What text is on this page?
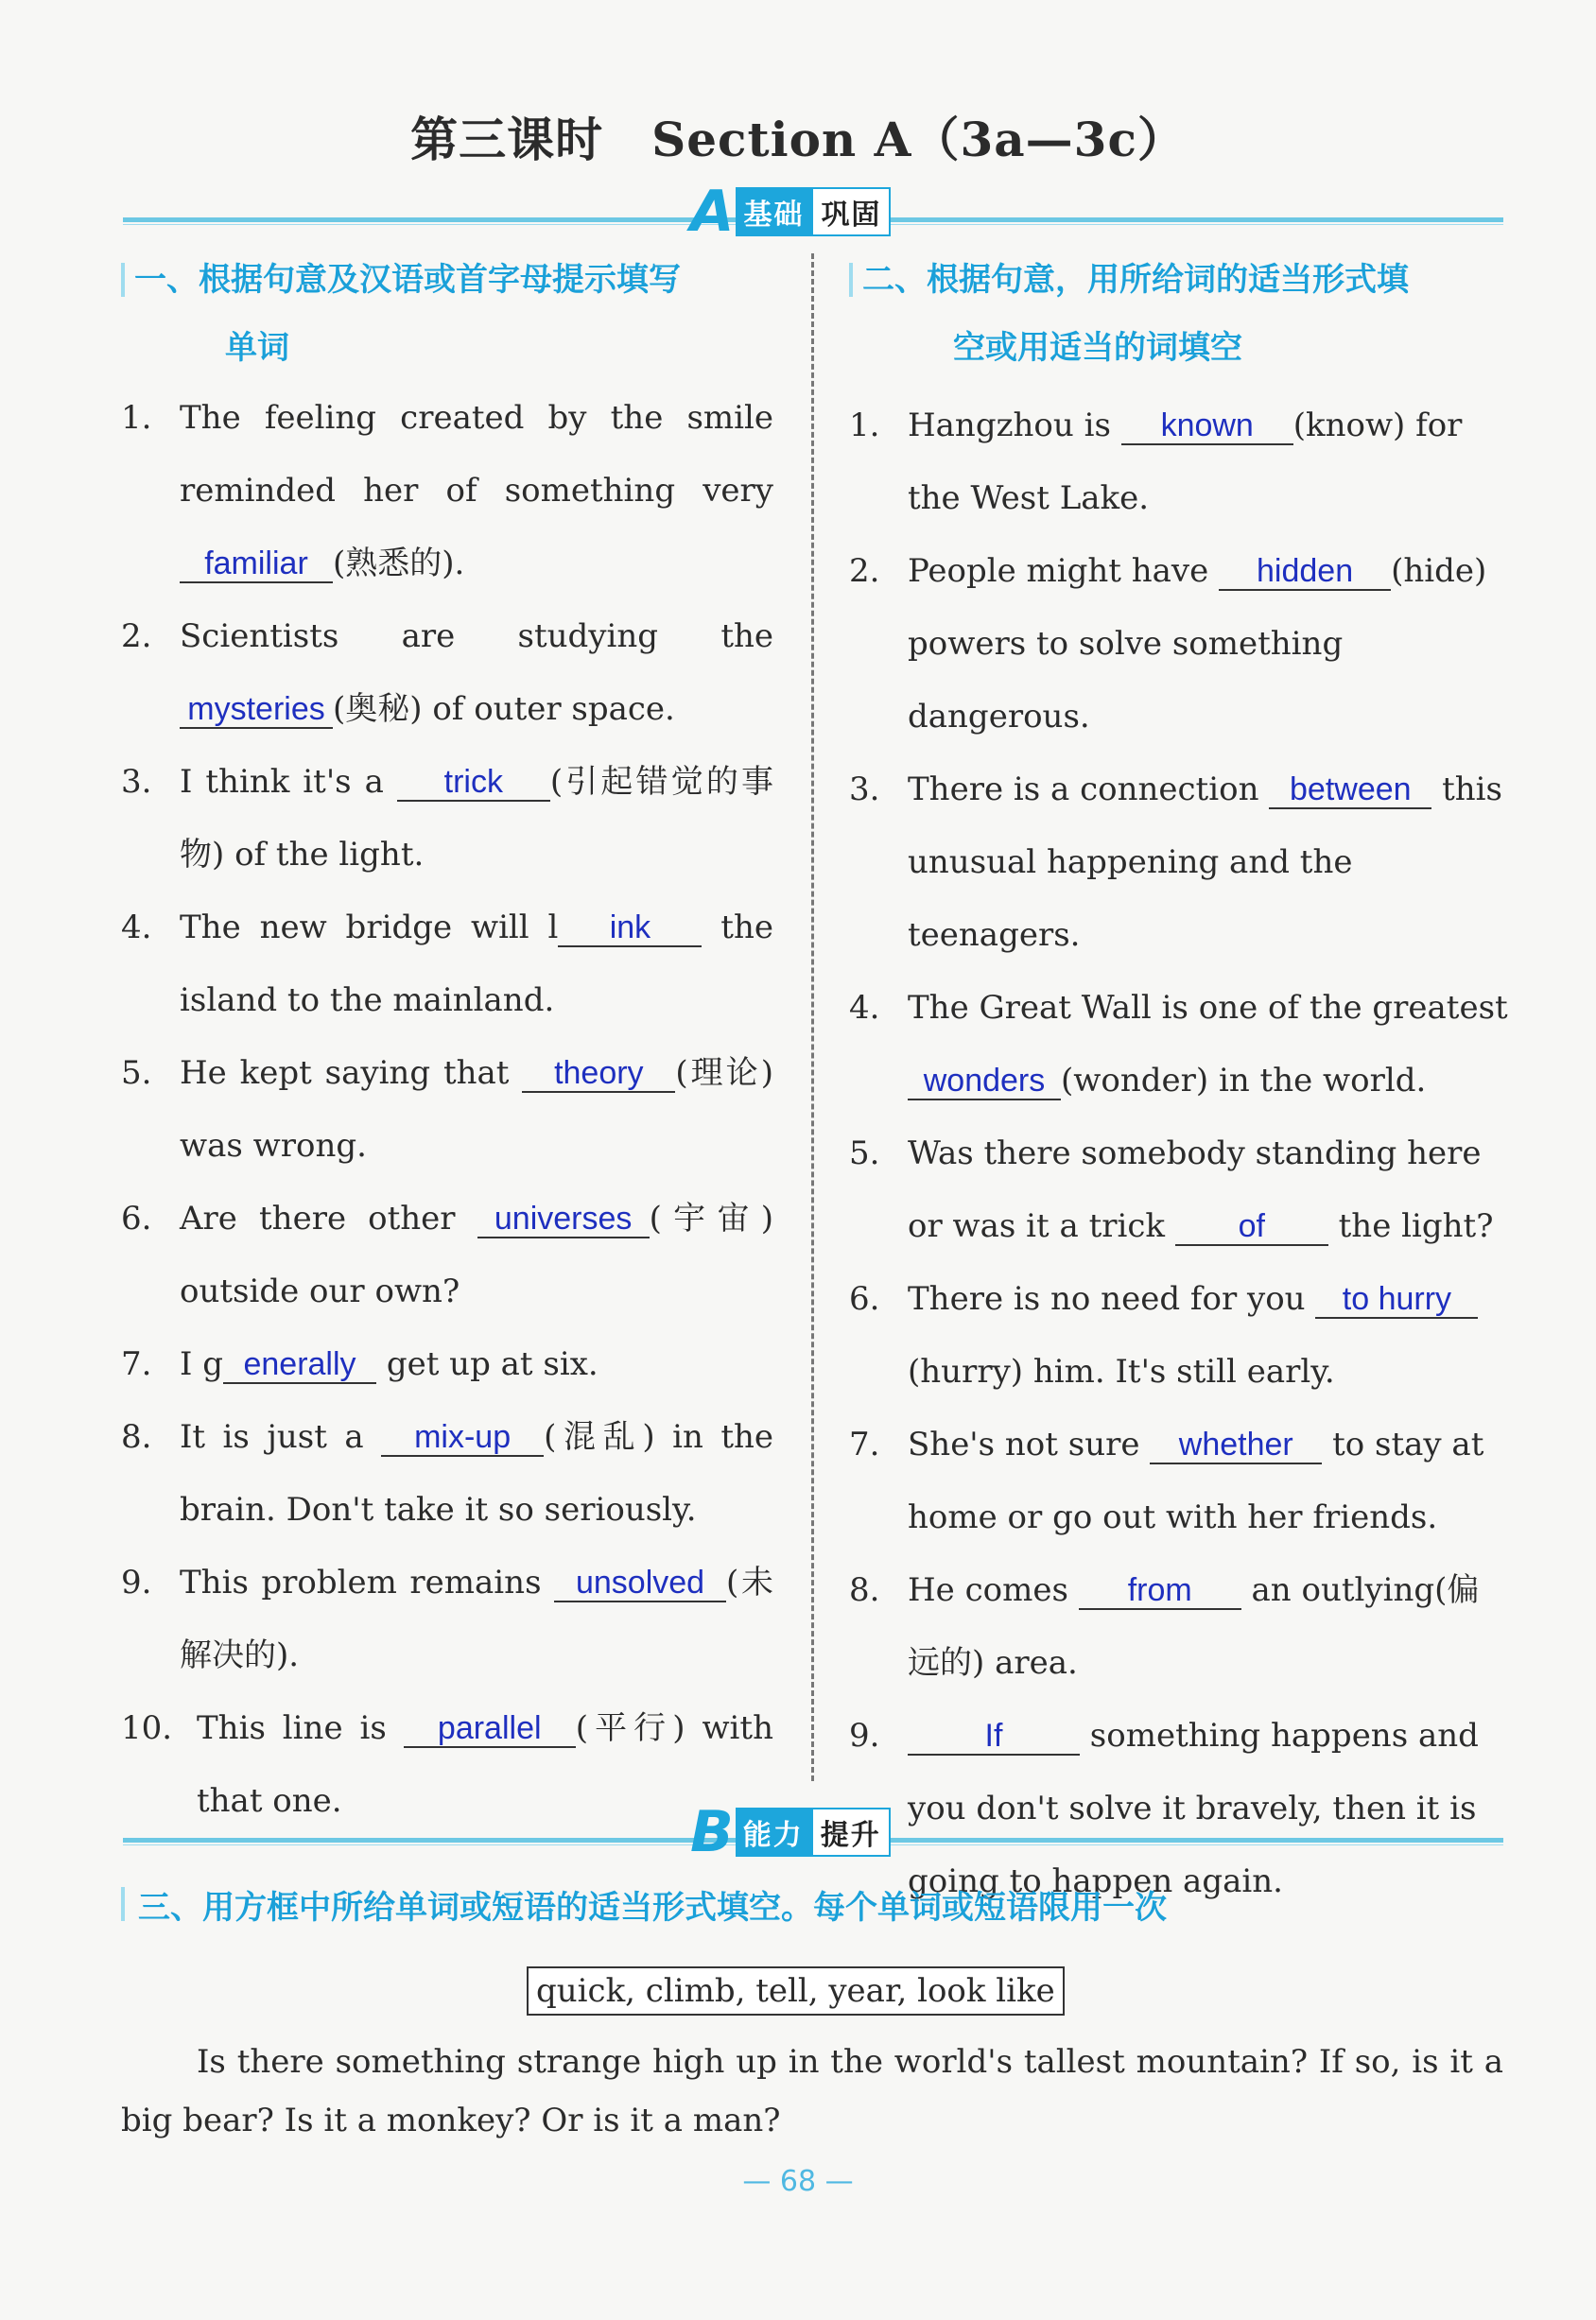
第三课时　Section A（3a—3c）
A 基础 巩固
一、根据句意及汉语或首字母提示填写
单词
1. The feeling created by the smile reminded her of something very familiar (熟悉的).
2. Scientists are studying the mysteries (奥秘) of outer space.
3. I think it's a trick (引起错觉的事物) of the light.
4. The new bridge will l ink the island to the mainland.
5. He kept saying that theory (理论) was wrong.
6. Are there other universes (宇宙) outside our own?
7. I g enerally get up at six.
8. It is just a mix-up (混乱) in the brain. Don't take it so seriously.
9. This problem remains unsolved (未解决的).
10. This line is parallel (平行) with that one.
二、根据句意，用所给词的适当形式填
空或用适当的词填空
1. Hangzhou is known (know) for the West Lake.
2. People might have hidden (hide) powers to solve something dangerous.
3. There is a connection between this unusual happening and the teenagers.
4. The Great Wall is one of the greatest wonders (wonder) in the world.
5. Was there somebody standing here or was it a trick of the light?
6. There is no need for you to hurry (hurry) him. It's still early.
7. She's not sure whether to stay at home or go out with her friends.
8. He comes from an outlying(偏远的) area.
9.	If something happens and you don't solve it bravely, then it is going to happen again.
B 能力 提升
三、用方框中所给单词或短语的适当形式填空。每个单词或短语限用一次
quick, climb, tell, year, look like
Is there something strange high up in the world's tallest mountain? If so, is it a big bear? Is it a monkey? Or is it a man?
— 68 —
